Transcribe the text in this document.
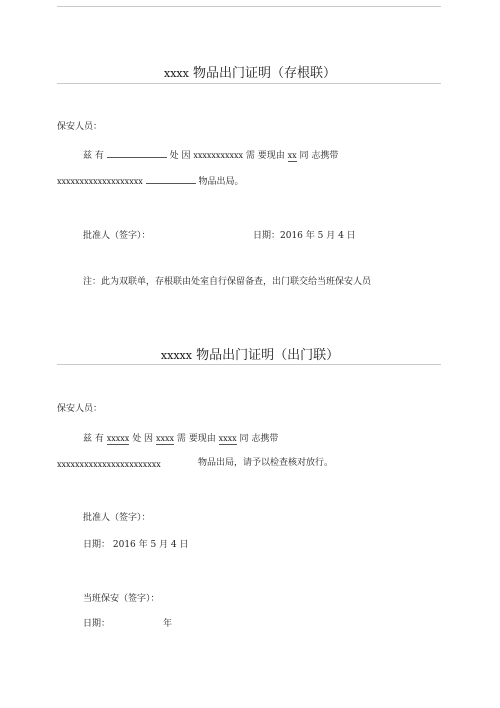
xxxx 物品出门证明（存根联）
保安人员：
兹 有	处 因 xxxxxxxxxxx 需 要现由 xx 同 志携带
xxxxxxxxxxxxxxxxxxx	物品出局。
批准人（签字）：	日期：2016 年 5 月 4 日
注：此为双联单，存根联由处室自行保留备查，出门联交给当班保安人员
xxxxx 物品出门证明（出门联）
保安人员：
兹 有 xxxxx 处 因 xxxx 需 要现由 xxxx 同 志携带
xxxxxxxxxxxxxxxxxxxxxxx	物品出局，请予以检查核对放行。
批准人（签字）：
日期： 2016 年 5 月 4 日
当班保安（签字）：
日期：	年
